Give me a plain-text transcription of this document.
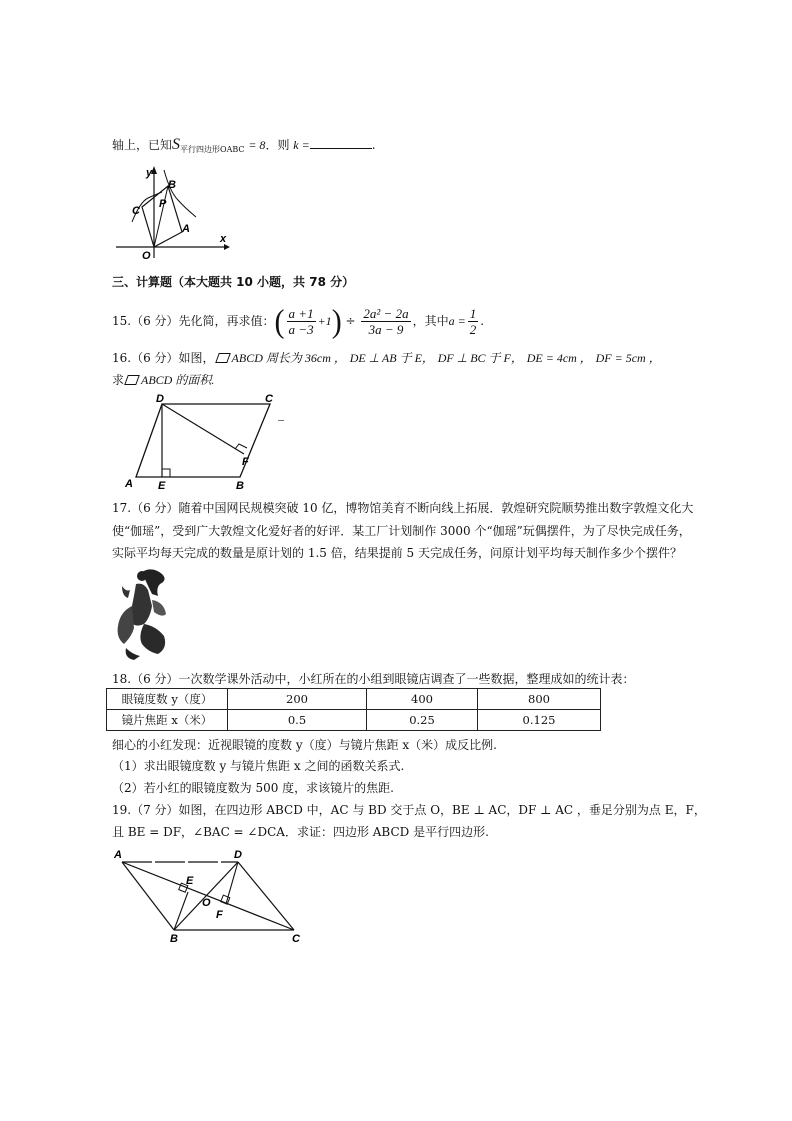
轴上，已知$S_{平行四边形OABC} = 8$．则 k =	.
y
B
C
P
A
O
x
三、计算题（本大题共 10 小题，共 78 分）
15.（6 分）先化简，再求值：( $\frac{a +1}{a -3} +1) \div \frac{\text{2a² − 2a}}{3a - 9}$ ，其中$a = \frac{1}{2}$ .
16.（6 分）如图， ABCD 周长为 36cm ， DE ⊥ AB 于 E， DF ⊥ BC 于 F， DE = 4cm ， DF = 5cm ，
求 ABCD 的面积.
D	C
A E	B
F
17.（6 分）随着中国网民规模突破 10 亿，博物馆美育不断向线上拓展．敦煌研究院顺势推出数字敦煌文化大
使“伽瑶”，受到广大敦煌文化爱好者的好评．某工厂计划制作 3000 个“伽瑶”玩偶摆件，为了尽快完成任务，
实际平均每天完成的数量是原计划的 1.5 倍，结果提前 5 天完成任务，问原计划平均每天制作多少个摆件？
18.（6 分）一次数学课外活动中，小红所在的小组到眼镜店调查了一些数据，整理成如的统计表：
眼镜度数 y（度）	200	400	800
镜片焦距 x（米）	0.5	0.25	0.125
细心的小红发现：近视眼镜的度数 y（度）与镜片焦距 x（米）成反比例.
（1）求出眼镜度数 y 与镜片焦距 x 之间的函数关系式.
（2）若小红的眼镜度数为 500 度，求该镜片的焦距.
19.（7 分）如图，在四边形 ABCD 中，AC 与 BD 交于点 O，BE ⊥ AC，DF ⊥ AC ，垂足分别为点 E，F，
且 BE = DF，∠BAC = ∠DCA．求证：四边形 ABCD 是平行四边形.
A	D
E
O
F
B	C
